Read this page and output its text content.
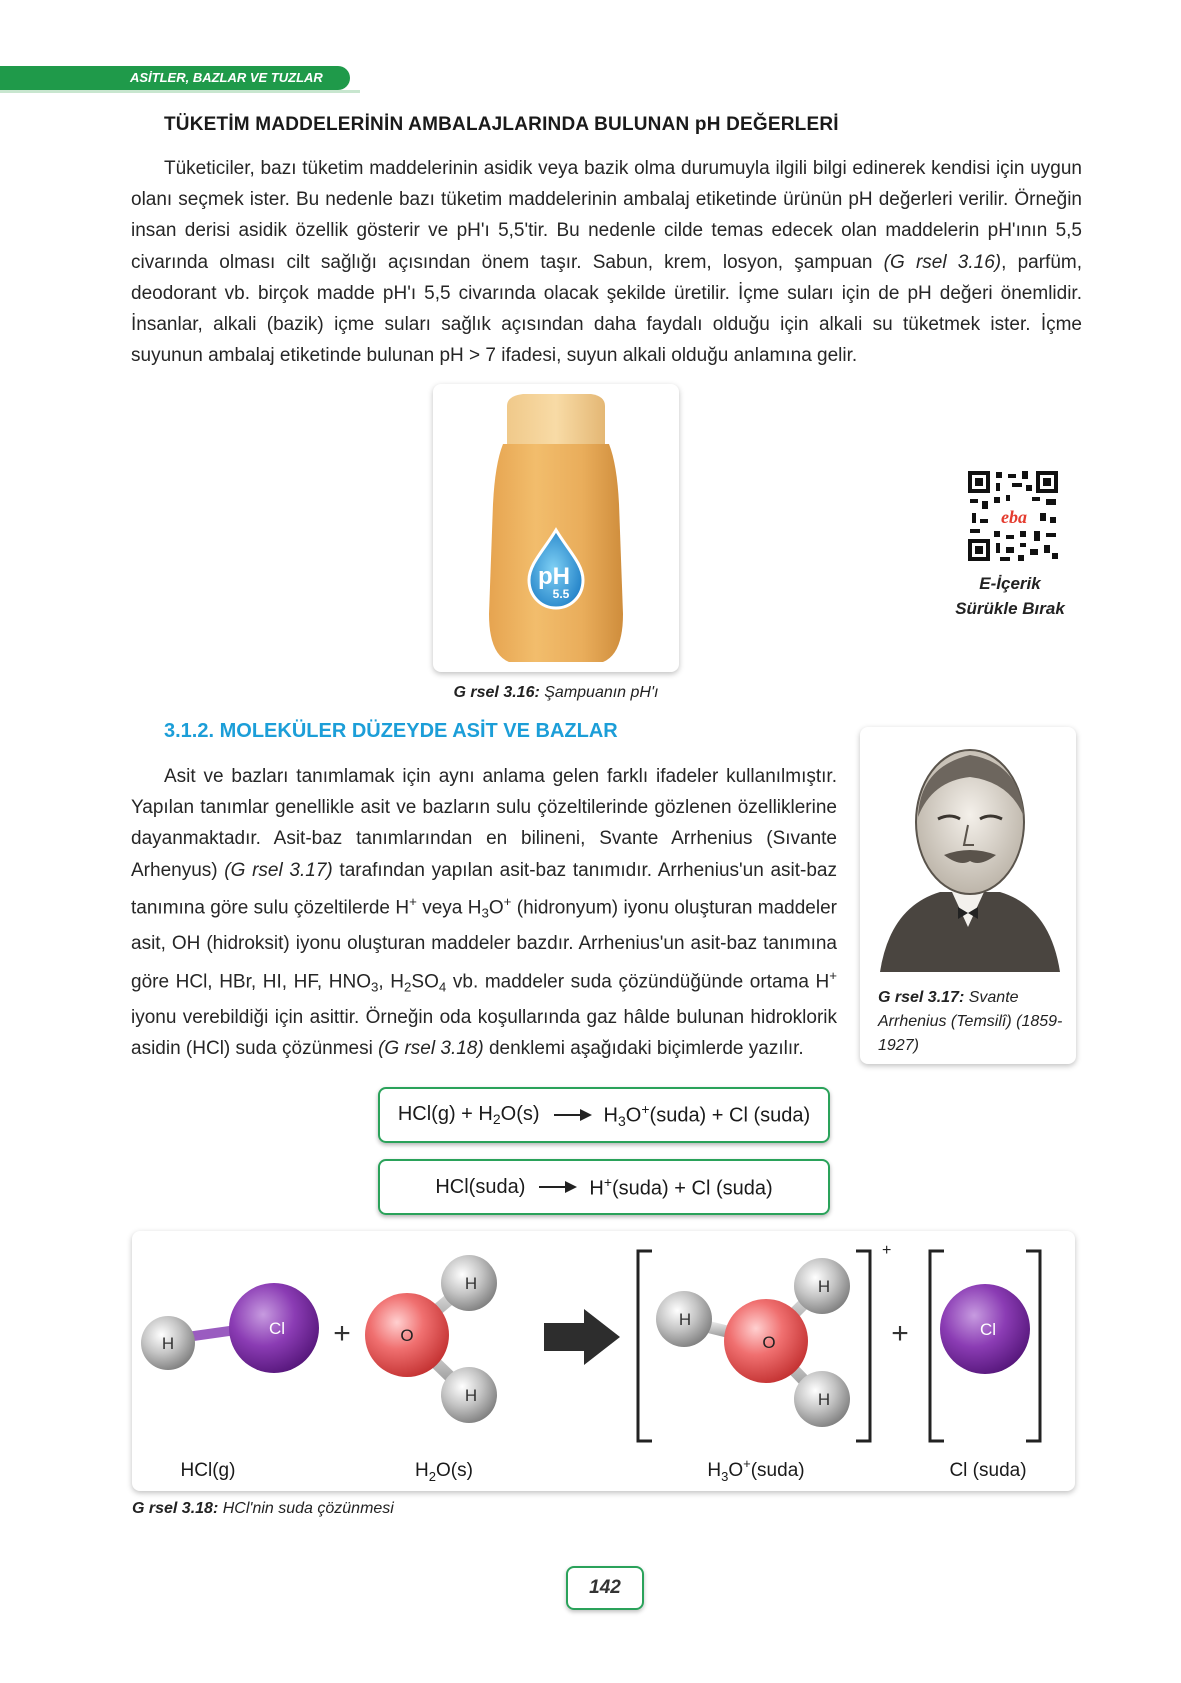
ASİTLER, BAZLAR VE TUZLAR
TÜKETİM MADDELERİNİN AMBALAJLARINDA BULUNAN pH DEĞERLERİ
Tüketiciler, bazı tüketim maddelerinin asidik veya bazik olma durumuyla ilgili bilgi edinerek kendisi için uygun olanı seçmek ister. Bu nedenle bazı tüketim maddelerinin ambalaj etiketinde ürünün pH değerleri verilir. Örneğin insan derisi asidik özellik gösterir ve pH'ı 5,5'tir. Bu nedenle cilde temas edecek olan maddelerin pH'ının 5,5 civarında olması cilt sağlığı açısından önem taşır. Sabun, krem, losyon, şampuan (G rsel 3.16), parfüm, deodorant vb. birçok madde pH'ı 5,5 civarında olacak şekilde üretilir. İçme suları için de pH değeri önemlidir. İnsanlar, alkali (bazik) içme suları sağlık açısından daha faydalı olduğu için alkali su tüketmek ister. İçme suyunun ambalaj etiketinde bulunan pH > 7 ifadesi, suyun alkali olduğu anlamına gelir.
pH
5.5
G rsel 3.16: Şampuanın pH'ı
eba
E-İçerik
Sürükle Bırak
3.1.2. MOLEKÜLER DÜZEYDE ASİT VE BAZLAR
Asit ve bazları tanımlamak için aynı anlama gelen farklı ifadeler kullanılmıştır. Yapılan tanımlar genellikle asit ve bazların sulu çözeltilerinde gözlenen özelliklerine dayanmaktadır. Asit-baz tanımlarından en bilineni, Svante Arrhenius (Sıvante Arhenyus) (G rsel 3.17) tarafından yapılan asit-baz tanımıdır. Arrhenius'un asit-baz tanımına göre sulu çözeltilerde H+ veya $H_3O^+$ (hidronyum) iyonu oluşturan maddeler asit, OH (hidroksit) iyonu oluşturan maddeler bazdır. Arrhenius'un asit-baz tanımına göre HCl, HBr, HI, HF, $HNO_3$, $H_2SO_4$ vb. maddeler suda çözündüğünde ortama H+ iyonu verebildiği için asittir. Örneğin oda koşullarında gaz hâlde bulunan hidroklorik asidin (HCl) suda çözünmesi (G rsel 3.18) denklemi aşağıdaki biçimlerde yazılır.
G rsel 3.17: Svante Arrhenius (Temsilî) (1859-1927)
$HCl(g) + H_2O(s)$ → $H_3O^+(suda) + Cl$ (suda)
HCl(suda) → H+(suda) + Cl (suda)
H
Cl +	O
H
H
+
O
H
H
H
+	Cl
HCl(g)	$H_2O(s)$	$H_3O^+(suda)$	Cl (suda)
G rsel 3.18: HCl'nin suda çözünmesi
142
